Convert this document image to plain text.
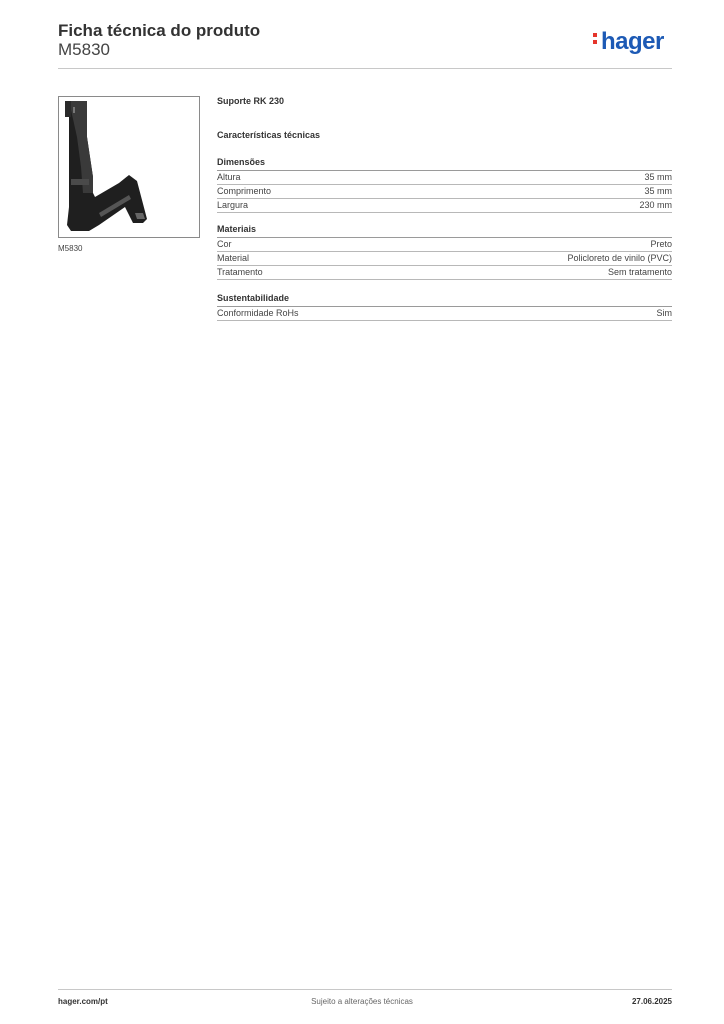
Ficha técnica do produto
M5830	hager
M5830
Suporte RK 230
Características técnicas
Dimensões
Altura	35 mm
Comprimento	35 mm
Largura	230 mm
Materiais
Cor	Preto
Material	Policloreto de vinilo (PVC)
Tratamento	Sem tratamento
Sustentabilidade
Conformidade RoHs	Sim
Sujeito a alterações técnicas
hager.com/pt	27.06.2025
